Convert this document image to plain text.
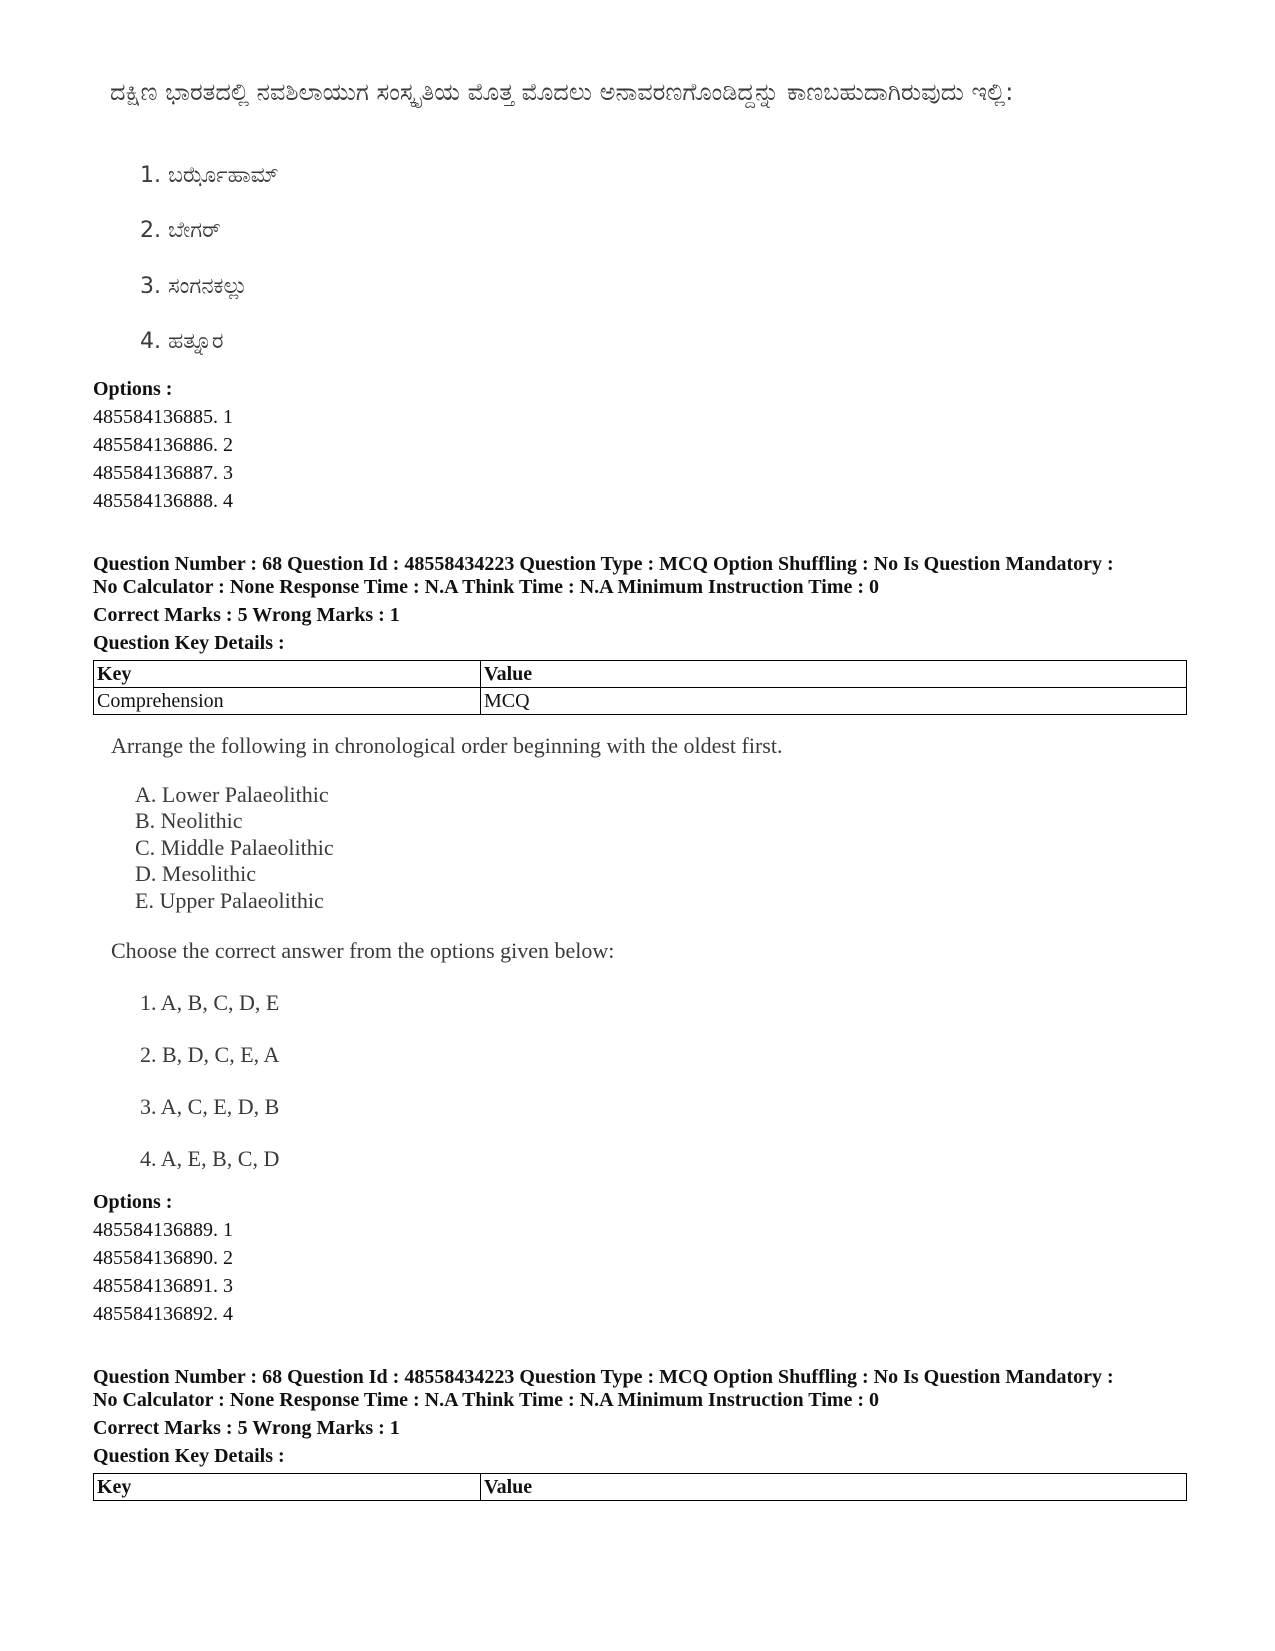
ದಕ್ಷಿಣ ಭಾರತದಲ್ಲಿ ನವಶಿಲಾಯುಗ ಸಂಸ್ಕೃತಿಯ ಮೊತ್ತ ಮೊದಲು ಅನಾವರಣಗೊಂಡಿದ್ದನ್ನು ಕಾಣಬಹುದಾಗಿರುವುದು ಇಲ್ಲಿ:
1. ಬರ್ಝೊಹಾಮ್
2. ಬೇಗರ್
3. ಸಂಗನಕಲ್ಲು
4. ಹತ್ನೂರ
Options :
485584136885. 1
485584136886. 2
485584136887. 3
485584136888. 4
Question Number : 68 Question Id : 48558434223 Question Type : MCQ Option Shuffling : No Is Question Mandatory :
No Calculator : None Response Time : N.A Think Time : N.A Minimum Instruction Time : 0
Correct Marks : 5 Wrong Marks : 1
Question Key Details :
Key	Value
Comprehension	MCQ
Arrange the following in chronological order beginning with the oldest first.
A. Lower Palaeolithic
B. Neolithic
C. Middle Palaeolithic
D. Mesolithic
E. Upper Palaeolithic
Choose the correct answer from the options given below:
1. A, B, C, D, E
2. B, D, C, E, A
3. A, C, E, D, B
4. A, E, B, C, D
Options :
485584136889. 1
485584136890. 2
485584136891. 3
485584136892. 4
Question Number : 68 Question Id : 48558434223 Question Type : MCQ Option Shuffling : No Is Question Mandatory :
No Calculator : None Response Time : N.A Think Time : N.A Minimum Instruction Time : 0
Correct Marks : 5 Wrong Marks : 1
Question Key Details :
Key	Value
